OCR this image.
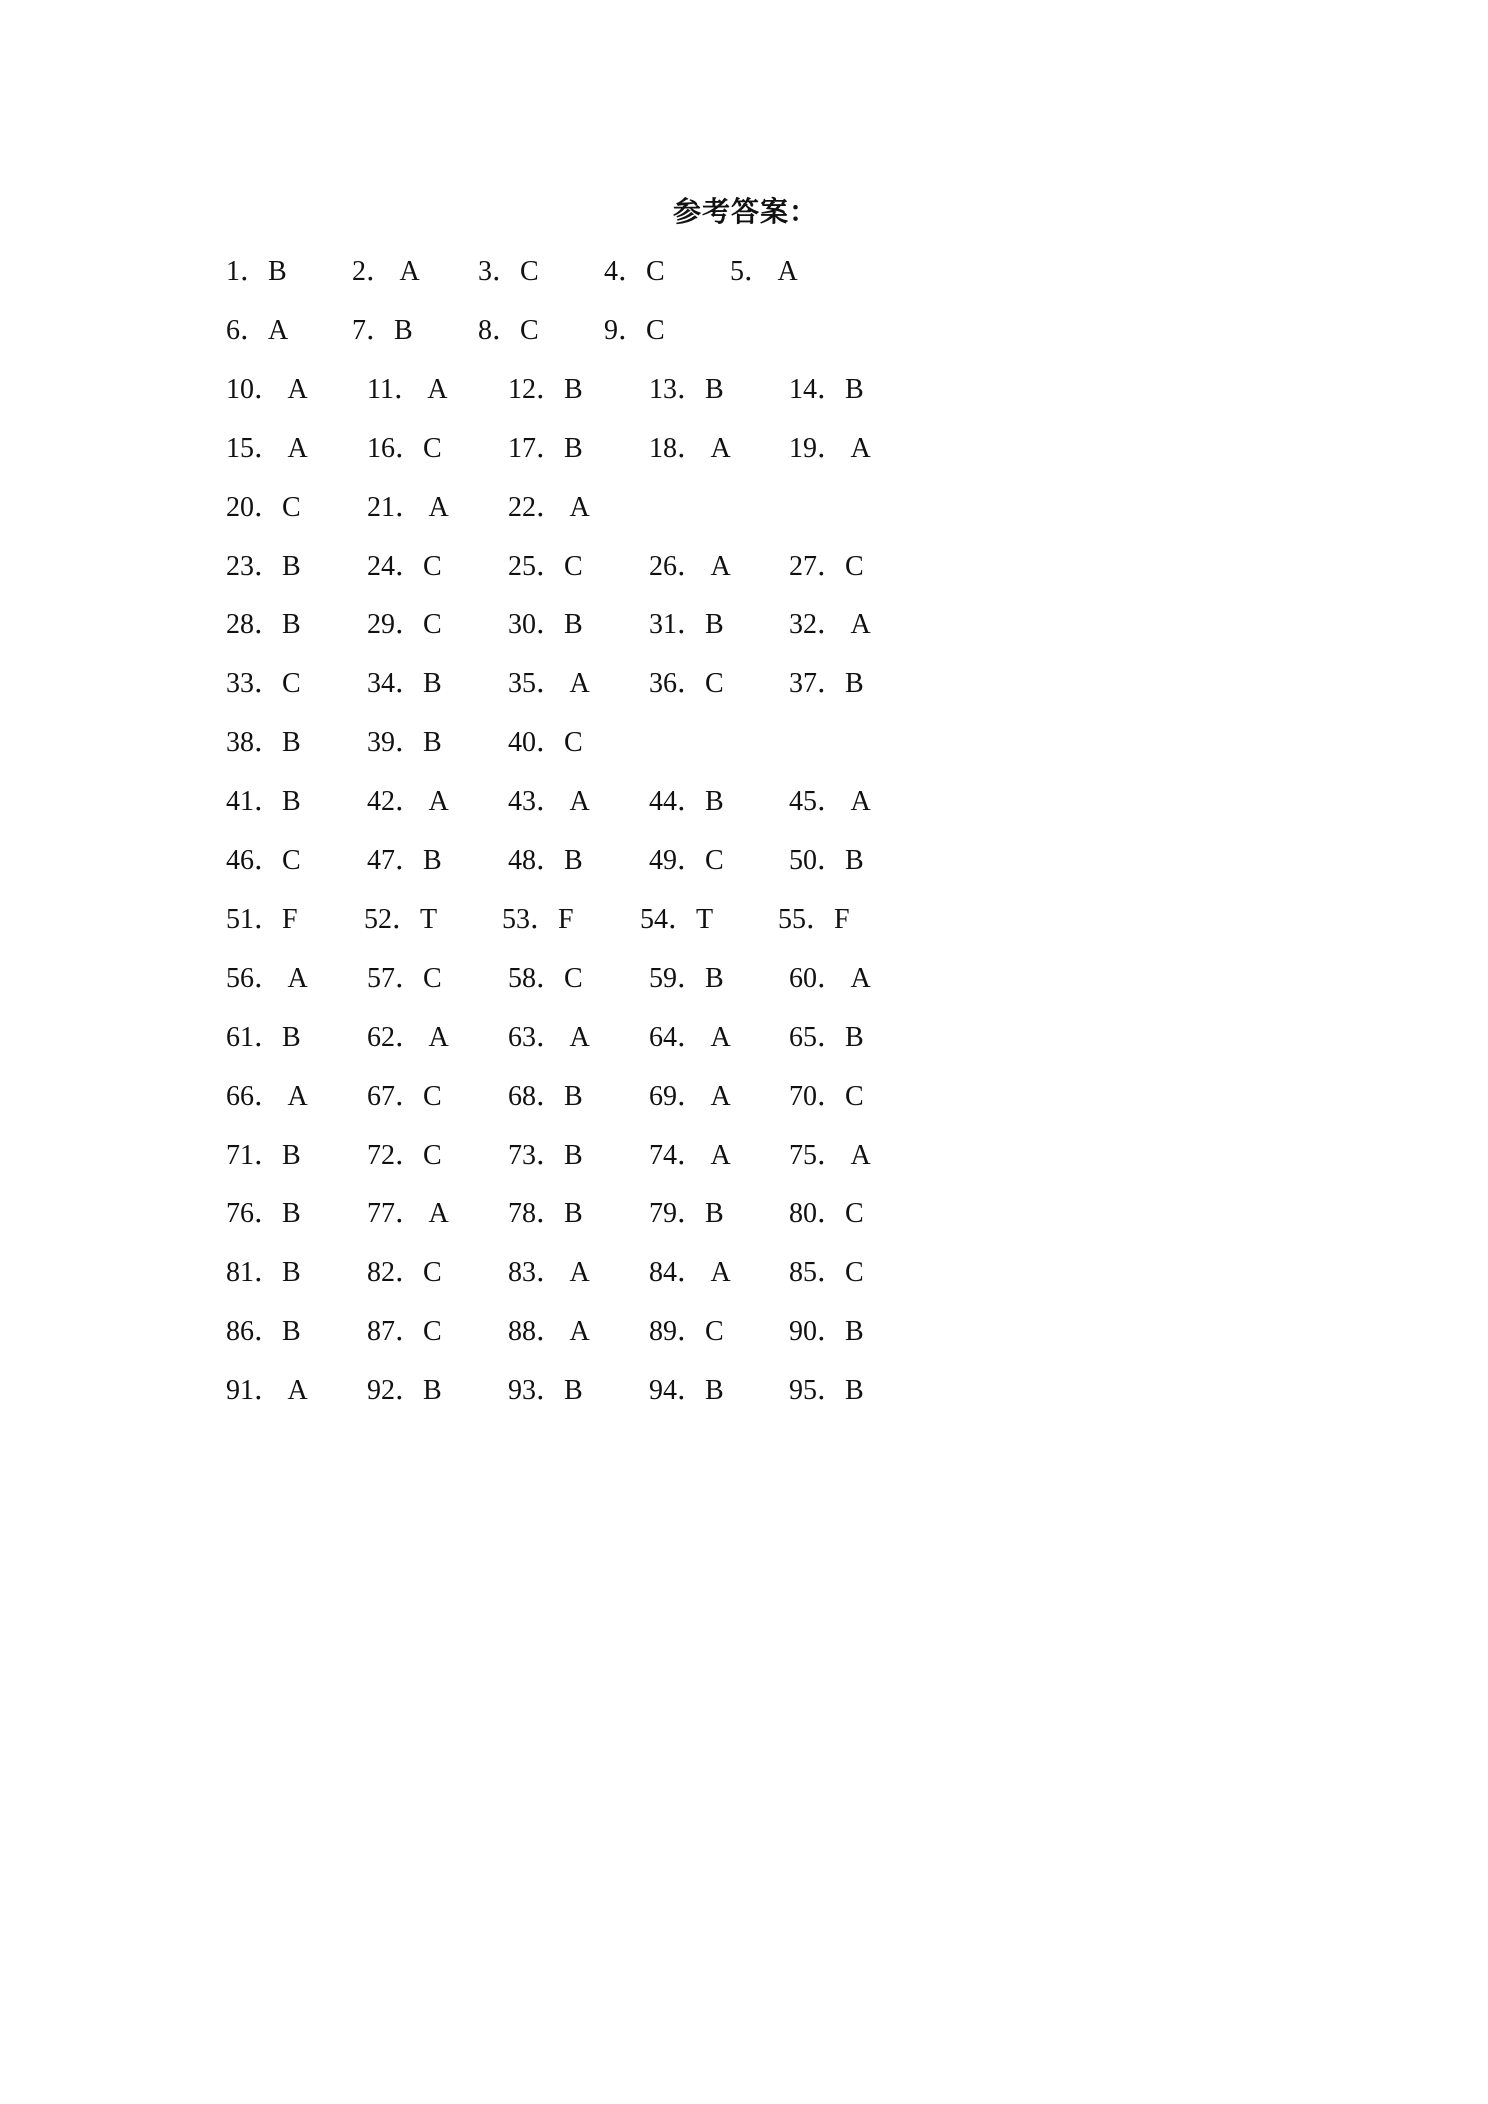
参考答案：
1．B 2． A 3．C 4．C 5． A
6．A 7．B 8．C 9．C
10． A 11． A 12．B 13．B 14．B
15． A 16．C 17．B 18． A 19． A
20．C 21． A 22． A
23．B 24．C 25．C 26． A 27．C
28．B 29．C 30．B 31．B 32． A
33．C 34．B 35． A 36．C 37．B
38．B 39．B 40．C
41．B 42． A 43． A 44．B 45． A
46．C 47．B 48．B 49．C 50．B
51．F 52．T 53．F 54．T 55．F
56． A 57．C 58．C 59．B 60． A
61．B 62． A 63． A 64． A 65．B
66． A 67．C 68．B 69． A 70．C
71．B 72．C 73．B 74． A 75． A
76．B 77． A 78．B 79．B 80．C
81．B 82．C 83． A 84． A 85．C
86．B 87．C 88． A 89．C 90．B
91． A 92．B 93．B 94．B 95．B
